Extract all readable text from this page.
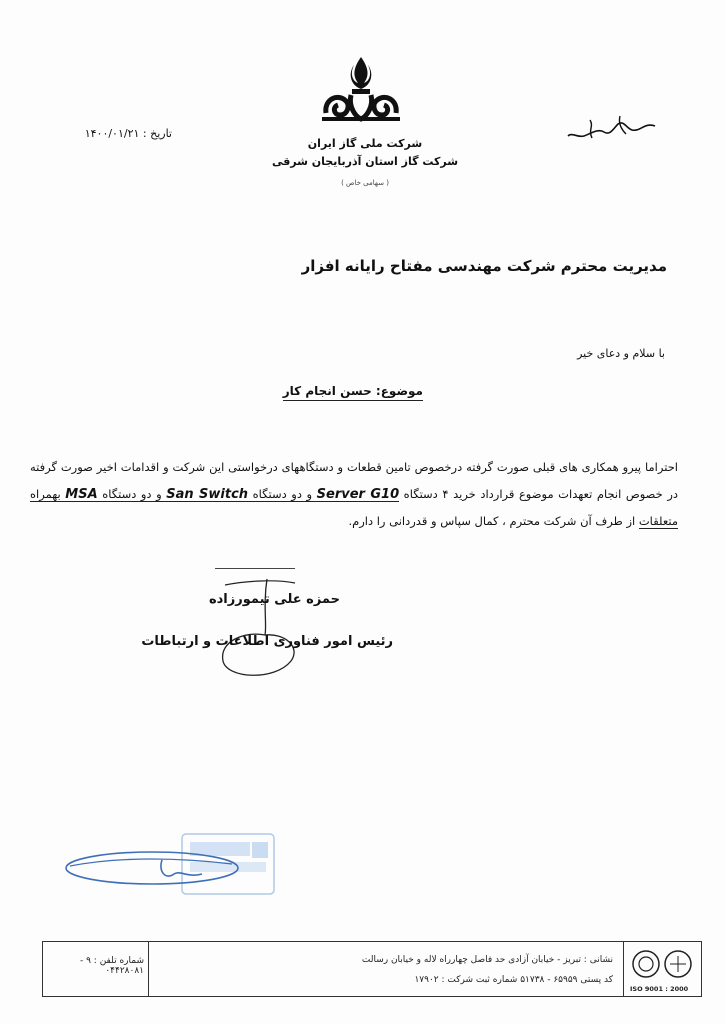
شرکت ملی گاز ایران
شرکت گاز استان آذربایجان شرقی
( سهامی خاص )
تاریخ : ۱۴۰۰/۰۱/۲۱
مدیریت محترم شرکت مهندسی مفتاح رایانه افزار
با سلام و دعای خیر
موضوع: حسن انجام کار
احتراما پیرو همکاری های قبلی صورت گرفته درخصوص تامین قطعات و دستگاههای درخواستی این شرکت و اقدامات اخیر صورت گرفته در خصوص انجام تعهدات موضوع قرارداد خرید ۴ دستگاه Server G10 و دو دستگاه San Switch و دو دستگاه MSA بهمراه متعلقات از طرف آن شرکت محترم ، کمال سپاس و قدردانی را دارم.
حمزه علی تیمورزاده
رئیس امور فناوری اطلاعات و ارتباطات
شماره تلفن : ۹ - ۰۴۴۲۸۰۸۱
نشانی : تبریز - خیابان آزادی حد فاصل چهارراه لاله و خیابان رسالت
کد پستی ۶۵۹۵۹ - ۵۱۷۳۸ شماره ثبت شرکت : ۱۷۹۰۲
ISO 9001 : 2000
